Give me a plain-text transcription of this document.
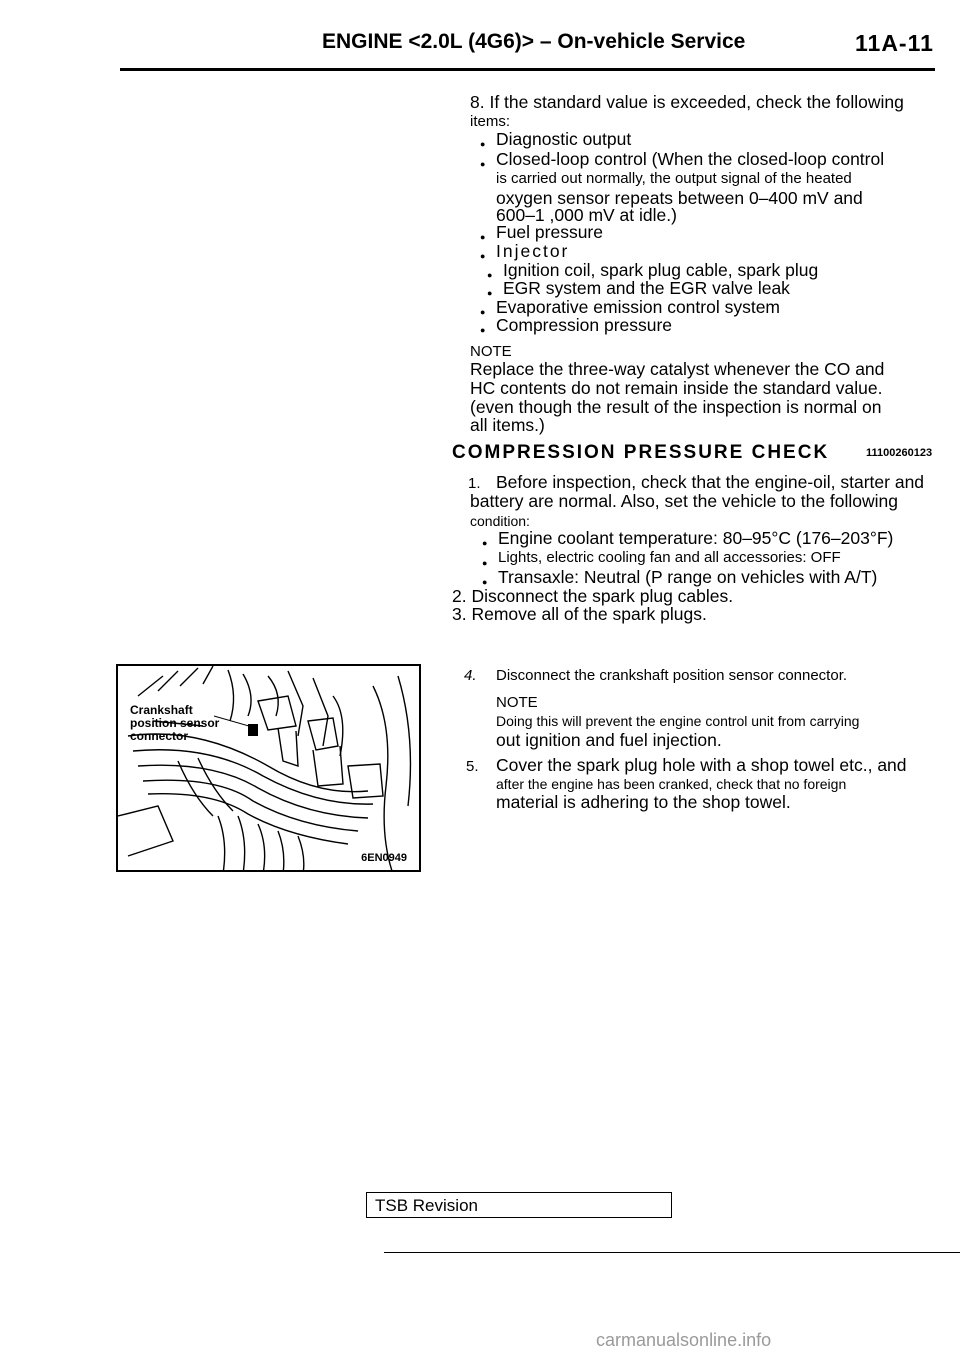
ENGINE <2.0L (4G6)> – On-vehicle Service	11A-11
8. If the standard value is exceeded, check the following
items:
● Diagnostic output
● Closed-loop control (When the closed-loop control
is carried out normally, the output signal of the heated
oxygen sensor repeats between 0–400 mV and
600–1 ,000 mV at idle.)
● Fuel pressure
● Injector
● Ignition coil, spark plug cable, spark plug
● EGR system and the EGR valve leak
● Evaporative emission control system
● Compression pressure
NOTE
Replace the three-way catalyst whenever the CO and
HC contents do not remain inside the standard value.
(even though the result of the inspection is normal on
all items.)
COMPRESSION PRESSURE CHECK	11100260123
1. Before inspection, check that the engine-oil, starter and
battery are normal. Also, set the vehicle to the following
condition:
● Engine coolant temperature: 80–95°C (176–203°F)
● Lights, electric cooling fan and all accessories: OFF
● Transaxle: Neutral (P range on vehicles with A/T)
2. Disconnect the spark plug cables.
3. Remove all of the spark plugs.
Crankshaft
position sensor
connector
6EN0949
4. Disconnect the crankshaft position sensor connector.
NOTE
Doing this will prevent the engine control unit from carrying
out ignition and fuel injection.
5. Cover the spark plug hole with a shop towel etc., and
after the engine has been cranked, check that no foreign
material is adhering to the shop towel.
TSB Revision
carmanualsonline.info
